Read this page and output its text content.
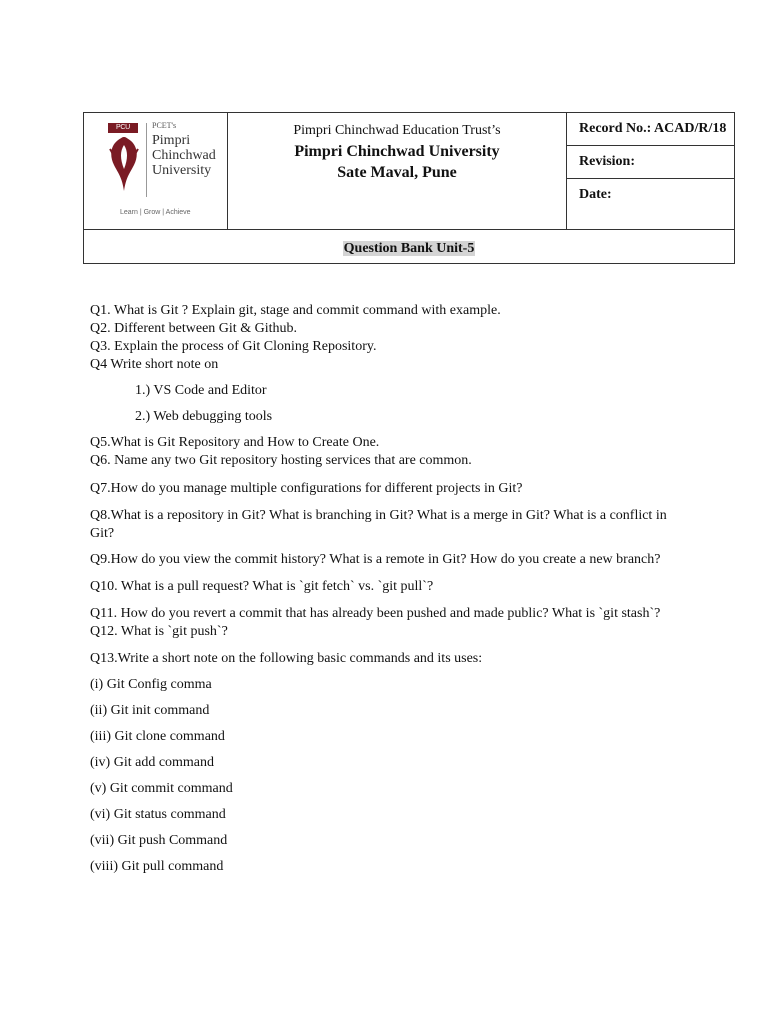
PCU	PCET's
Pimpri
Chinchwad
University
Learn | Grow | Achieve
Pimpri Chinchwad Education Trust’s
Pimpri Chinchwad University
Sate Maval, Pune
Record No.: ACAD/R/18
Revision:
Date:
Question Bank Unit-5

Q1. What is Git ? Explain git, stage and commit command with example.

Q2. Different between Git & Github.

Q3. Explain the process of Git Cloning Repository.

Q4 Write short note on

1.) VS Code and Editor

2.) Web debugging tools

Q5.What is Git Repository and How to Create One.

Q6. Name any two Git repository hosting services that are common.

Q7.How do you manage multiple configurations for different projects in Git?

Q8.What is a repository in Git? What is branching in Git? What is a merge in Git? What is a conflict in Git?

Q9.How do you view the commit history? What is a remote in Git? How do you create a new branch?

Q10. What is a pull request? What is `git fetch` vs. `git pull`?

Q11. How do you revert a commit that has already been pushed and made public? What is `git stash`?

Q12. What is `git push`?

Q13.Write a short note on the following basic commands and its uses:

(i) Git Config comma

(ii) Git init command

(iii) Git clone command

(iv) Git add command

(v) Git commit command

(vi) Git status command

(vii) Git push Command

(viii) Git pull command
